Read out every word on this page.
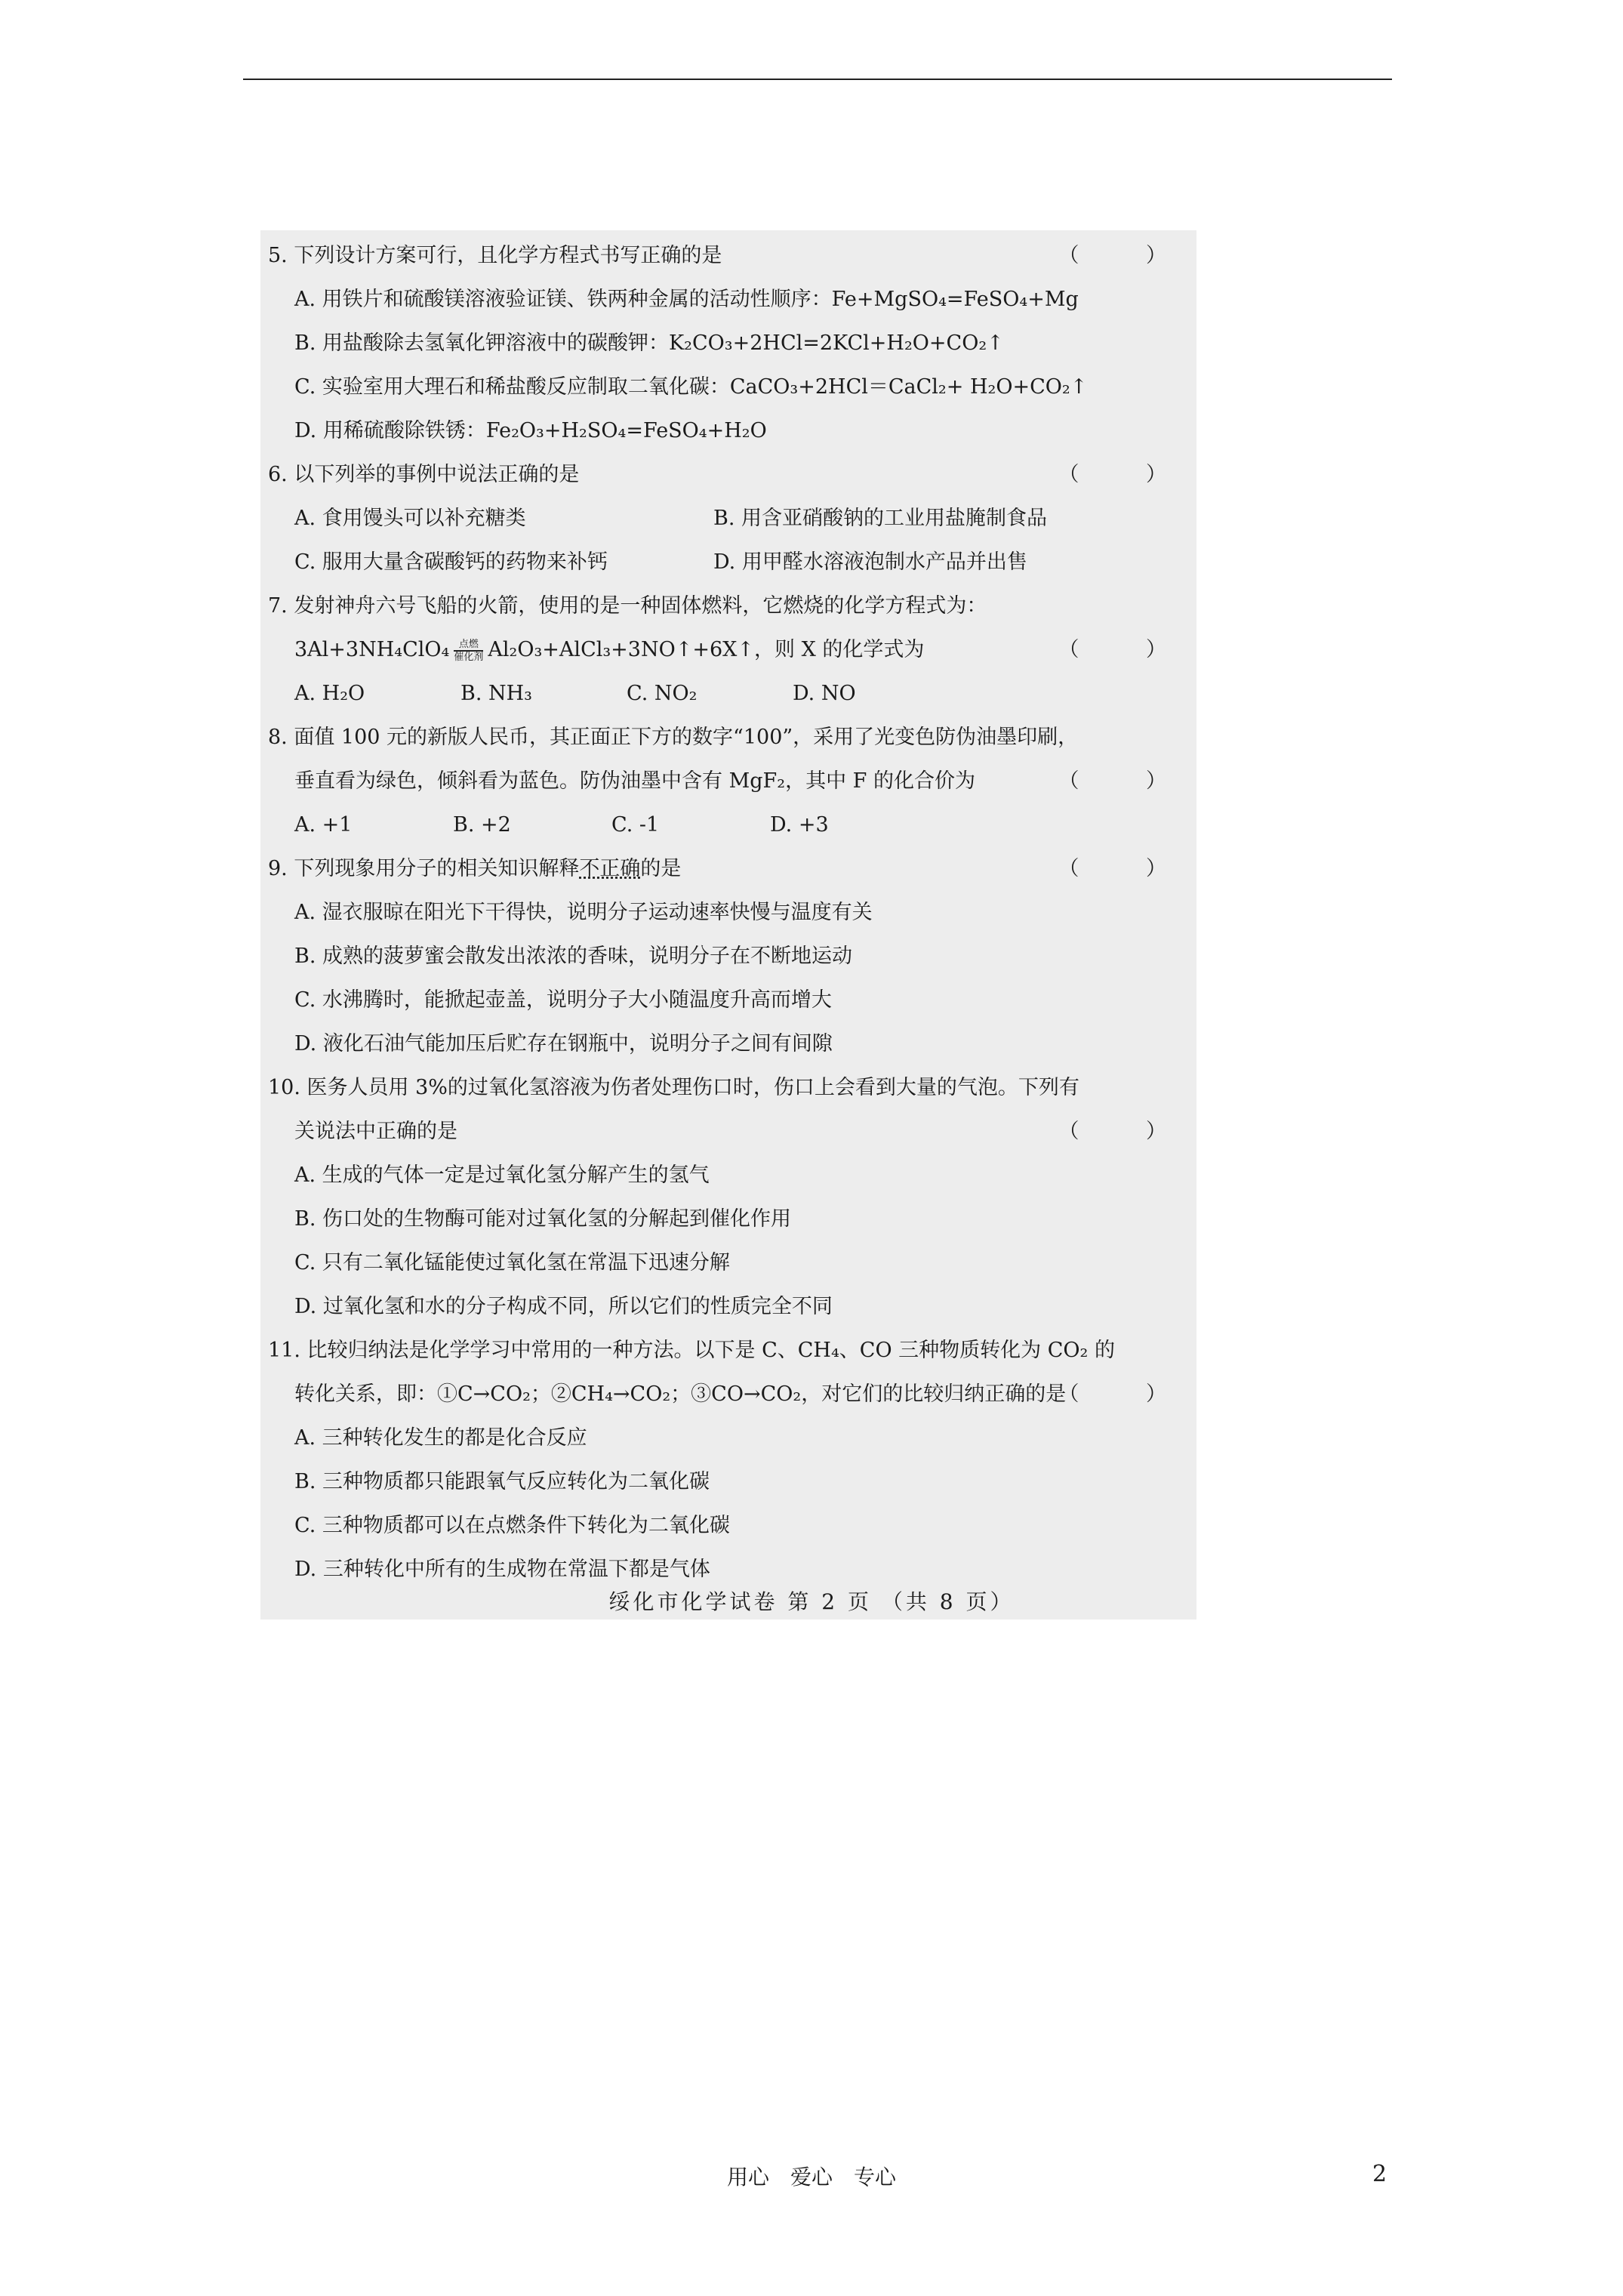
5. 下列设计方案可行，且化学方程式书写正确的是	（ ）
A. 用铁片和硫酸镁溶液验证镁、铁两种金属的活动性顺序：Fe+MgSO₄=FeSO₄+Mg
B. 用盐酸除去氢氧化钾溶液中的碳酸钾：K₂CO₃+2HCl=2KCl+H₂O+CO₂↑
C. 实验室用大理石和稀盐酸反应制取二氧化碳：CaCO₃+2HCl＝CaCl₂+ H₂O+CO₂↑
D. 用稀硫酸除铁锈：Fe₂O₃+H₂SO₄=FeSO₄+H₂O
6. 以下列举的事例中说法正确的是	（ ）
A. 食用馒头可以补充糖类	B. 用含亚硝酸钠的工业用盐腌制食品
C. 服用大量含碳酸钙的药物来补钙	D. 用甲醛水溶液泡制水产品并出售
7. 发射神舟六号飞船的火箭，使用的是一种固体燃料，它燃烧的化学方程式为：
$3Al+3NH_4ClO_4 \frac{\text{点燃}}{\text{催化剂}}$ Al₂O₃+AlCl₃+3NO↑+6X↑，则 X 的化学式为	（ ）
A. H₂O	B. NH₃	C. NO₂	D. NO
8. 面值 100 元的新版人民币，其正面正下方的数字“100”，采用了光变色防伪油墨印刷，
垂直看为绿色，倾斜看为蓝色。防伪油墨中含有 MgF₂，其中 F 的化合价为	（ ）
A. +1	B. +2	C. -1	D. +3
9. 下列现象用分子的相关知识解释不正确的是	（ ）
A. 湿衣服晾在阳光下干得快，说明分子运动速率快慢与温度有关
B. 成熟的菠萝蜜会散发出浓浓的香味，说明分子在不断地运动
C. 水沸腾时，能掀起壶盖，说明分子大小随温度升高而增大
D. 液化石油气能加压后贮存在钢瓶中，说明分子之间有间隙
10. 医务人员用 3%的过氧化氢溶液为伤者处理伤口时，伤口上会看到大量的气泡。下列有
关说法中正确的是	（ ）
A. 生成的气体一定是过氧化氢分解产生的氢气
B. 伤口处的生物酶可能对过氧化氢的分解起到催化作用
C. 只有二氧化锰能使过氧化氢在常温下迅速分解
D. 过氧化氢和水的分子构成不同，所以它们的性质完全不同
11. 比较归纳法是化学学习中常用的一种方法。以下是 C、CH₄、CO 三种物质转化为 CO₂ 的
转化关系，即：①C→CO₂；②CH₄→CO₂；③CO→CO₂，对它们的比较归纳正确的是
（ ）
A. 三种转化发生的都是化合反应
B. 三种物质都只能跟氧气反应转化为二氧化碳
C. 三种物质都可以在点燃条件下转化为二氧化碳
D. 三种转化中所有的生成物在常温下都是气体
绥化市化学试卷 第 2 页 （共 8 页）
用心　爱心　专心	2
